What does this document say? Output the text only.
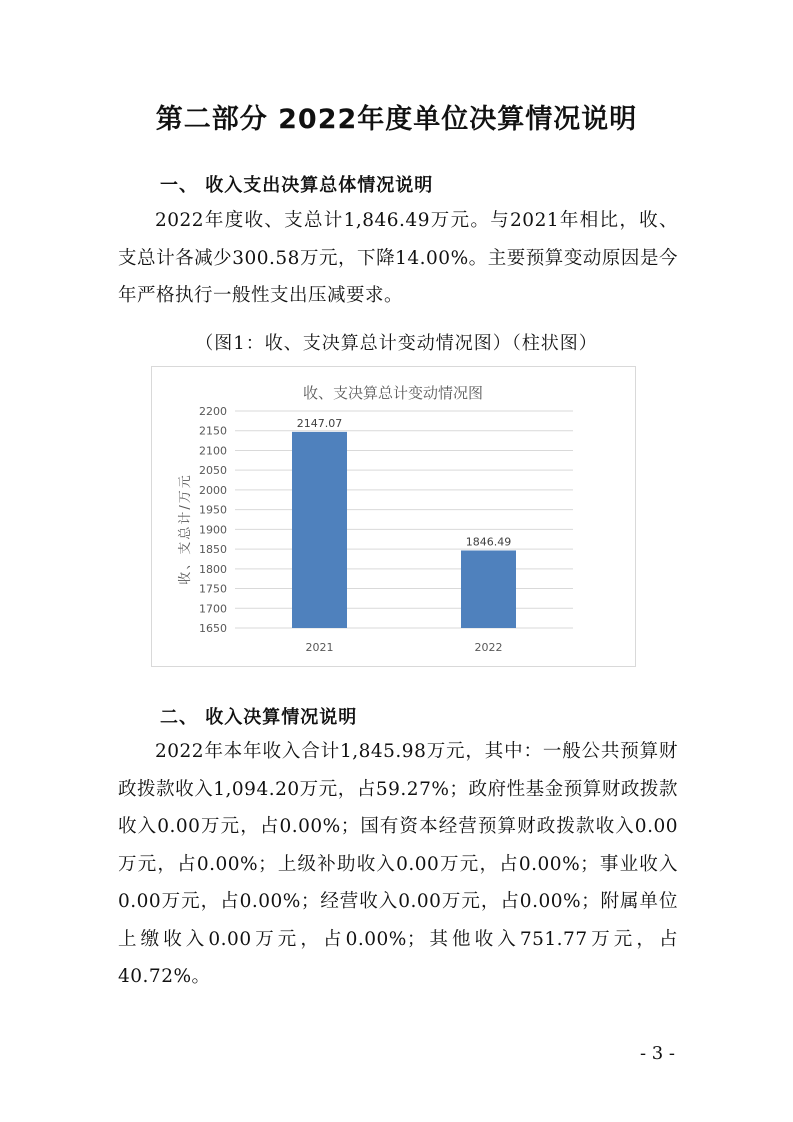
第二部分 2022年度单位决算情况说明
一、 收入支出决算总体情况说明

2022年度收、支总计1,846.49万元。与2021年相比，收、支总计各减少300.58万元，下降14.00%。主要预算变动原因是今年严格执行一般性支出压减要求。

（图1：收、支决算总计变动情况图）（柱状图）

1650
1700
1750
1800
1850
1900
1950
2000
2050
2100
2150
2200
2147.07
1846.49
2021	2022
收、支决算总计变动情况图
收、支总计/万元
二、 收入决算情况说明

2022年本年收入合计1,845.98万元，其中：一般公共预算财政拨款收入1,094.20万元，占59.27%；政府性基金预算财政拨款收入0.00万元，占0.00%；国有资本经营预算财政拨款收入0.00万元，占0.00%；上级补助收入0.00万元，占0.00%；事业收入0.00万元，占0.00%；经营收入0.00万元，占0.00%；附属单位上缴收入0.00万元，占0.00%；其他收入751.77万元，占40.72%。

- 3 -
